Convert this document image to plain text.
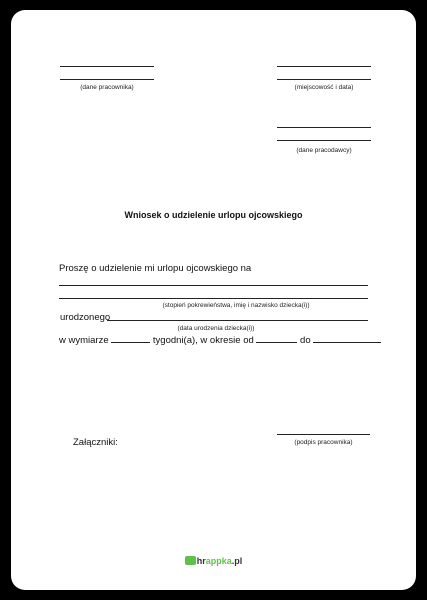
(dane pracownika)	(miejscowość i data)
(dane pracodawcy)
Wniosek o udzielenie urlopu ojcowskiego
Proszę o udzielenie mi urlopu ojcowskiego na
(stopień pokrewieństwa, imię i nazwisko dziecka(i))
urodzonego
(data urodzenia dziecka(i))
w wymiarze	tygodni(a), w okresie od	do
Załączniki:	(podpis pracownika)
hrappka.pl
